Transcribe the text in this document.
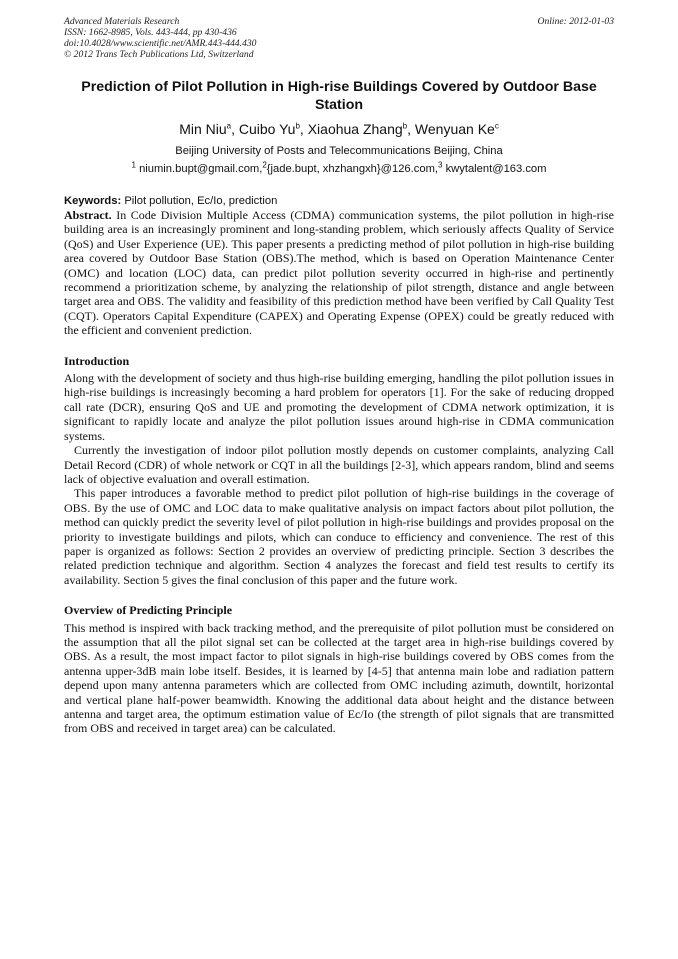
Advanced Materials Research	Online: 2012-01-03
ISSN: 1662-8985, Vols. 443-444, pp 430-436
doi:10.4028/www.scientific.net/AMR.443-444.430
© 2012 Trans Tech Publications Ltd, Switzerland
Prediction of Pilot Pollution in High-rise Buildings Covered by Outdoor Base Station
Min Niu$^a$, Cuibo Yu$^b$, Xiaohua Zhang$^b$, Wenyuan Ke$^c$
Beijing University of Posts and Telecommunications Beijing, China
$^1$ niumin.bupt@gmail.com,$^2${jade.bupt, xhzhangxh}@126.com,$^3$ kwytalent@163.com
Keywords: Pilot pollution, Ec/Io, prediction

Abstract. In Code Division Multiple Access (CDMA) communication systems, the pilot pollution in high-rise building area is an increasingly prominent and long-standing problem, which seriously affects Quality of Service (QoS) and User Experience (UE). This paper presents a predicting method of pilot pollution in high-rise building area covered by Outdoor Base Station (OBS).The method, which is based on Operation Maintenance Center (OMC) and location (LOC) data, can predict pilot pollution severity occurred in high-rise and pertinently recommend a prioritization scheme, by analyzing the relationship of pilot strength, distance and angle between target area and OBS. The validity and feasibility of this prediction method have been verified by Call Quality Test (CQT). Operators Capital Expenditure (CAPEX) and Operating Expense (OPEX) could be greatly reduced with the efficient and convenient prediction.

Introduction

Along with the development of society and thus high-rise building emerging, handling the pilot pollution issues in high-rise buildings is increasingly becoming a hard problem for operators [1]. For the sake of reducing dropped call rate (DCR), ensuring QoS and UE and promoting the development of CDMA network optimization, it is significant to rapidly locate and analyze the pilot pollution issues around high-rise in CDMA communication systems.

Currently the investigation of indoor pilot pollution mostly depends on customer complaints, analyzing Call Detail Record (CDR) of whole network or CQT in all the buildings [2-3], which appears random, blind and seems lack of objective evaluation and overall estimation.

This paper introduces a favorable method to predict pilot pollution of high-rise buildings in the coverage of OBS. By the use of OMC and LOC data to make qualitative analysis on impact factors about pilot pollution, the method can quickly predict the severity level of pilot pollution in high-rise buildings and provides proposal on the priority to investigate buildings and pilots, which can conduce to efficiency and convenience. The rest of this paper is organized as follows: Section 2 provides an overview of predicting principle. Section 3 describes the related prediction technique and algorithm. Section 4 analyzes the forecast and field test results to certify its availability. Section 5 gives the final conclusion of this paper and the future work.

Overview of Predicting Principle

This method is inspired with back tracking method, and the prerequisite of pilot pollution must be considered on the assumption that all the pilot signal set can be collected at the target area in high-rise buildings covered by OBS. As a result, the most impact factor to pilot signals in high-rise buildings covered by OBS comes from the antenna upper-3dB main lobe itself. Besides, it is learned by [4-5] that antenna main lobe and radiation pattern depend upon many antenna parameters which are collected from OMC including azimuth, downtilt, horizontal and vertical plane half-power beamwidth. Knowing the additional data about height and the distance between antenna and target area, the optimum estimation value of Ec/Io (the strength of pilot signals that are transmitted from OBS and received in target area) can be calculated.
